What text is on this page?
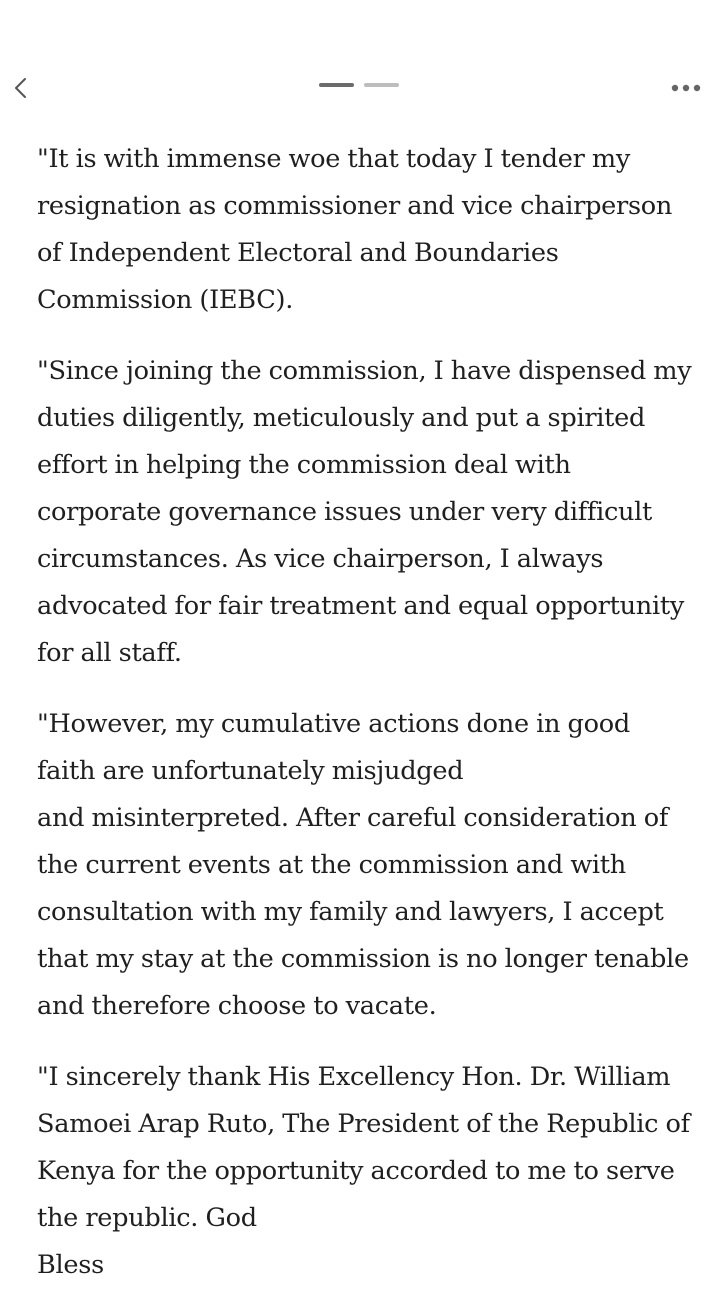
"It is with immense woe that today I tender my resignation as commissioner and vice chairperson of Independent Electoral and Boundaries Commission (IEBC).

"Since joining the commission, I have dispensed my duties diligently, meticulously and put a spirited effort in helping the commission deal with corporate governance issues under very difficult circumstances. As vice chairperson, I always advocated for fair treatment and equal opportunity for all staff.

"However, my cumulative actions done in good faith are unfortunately misjudged
and misinterpreted. After careful consideration of the current events at the commission and with consultation with my family and lawyers, I accept that my stay at the commission is no longer tenable and therefore choose to vacate.

"I sincerely thank His Excellency Hon. Dr. William Samoei Arap Ruto, The President of the Republic of Kenya for the opportunity accorded to me to serve the republic. God
Bless
